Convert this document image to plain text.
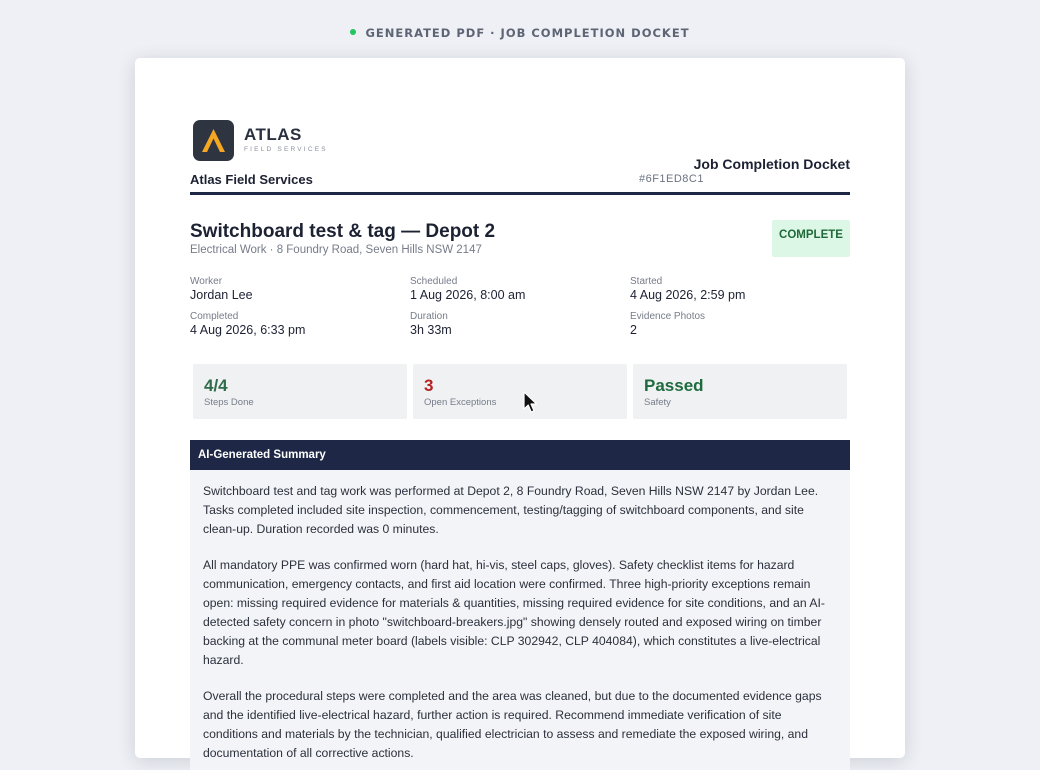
GENERATED PDF · JOB COMPLETION DOCKET
ATLAS
FIELD SERVICES
Atlas Field Services
Job Completion Docket
#6F1ED8C1
Switchboard test & tag — Depot 2
Electrical Work · 8 Foundry Road, Seven Hills NSW 2147
COMPLETE
Worker
Jordan Lee
Scheduled
1 Aug 2026, 8:00 am
Started
4 Aug 2026, 2:59 pm
Completed
4 Aug 2026, 6:33 pm
Duration
3h 33m
Evidence Photos
2
4/4
Steps Done
3
Open Exceptions
Passed
Safety
AI-Generated Summary

Switchboard test and tag work was performed at Depot 2, 8 Foundry Road, Seven Hills NSW 2147 by Jordan Lee. Tasks completed included site inspection, commencement, testing/tagging of switchboard components, and site clean-up. Duration recorded was 0 minutes.

All mandatory PPE was confirmed worn (hard hat, hi-vis, steel caps, gloves). Safety checklist items for hazard communication, emergency contacts, and first aid location were confirmed. Three high-priority exceptions remain open: missing required evidence for materials & quantities, missing required evidence for site conditions, and an AI-detected safety concern in photo "switchboard-breakers.jpg" showing densely routed and exposed wiring on timber backing at the communal meter board (labels visible: CLP 302942, CLP 404084), which constitutes a live-electrical hazard.

Overall the procedural steps were completed and the area was cleaned, but due to the documented evidence gaps and the identified live-electrical hazard, further action is required. Recommend immediate verification of site conditions and materials by the technician, qualified electrician to assess and remediate the exposed wiring, and documentation of all corrective actions.
